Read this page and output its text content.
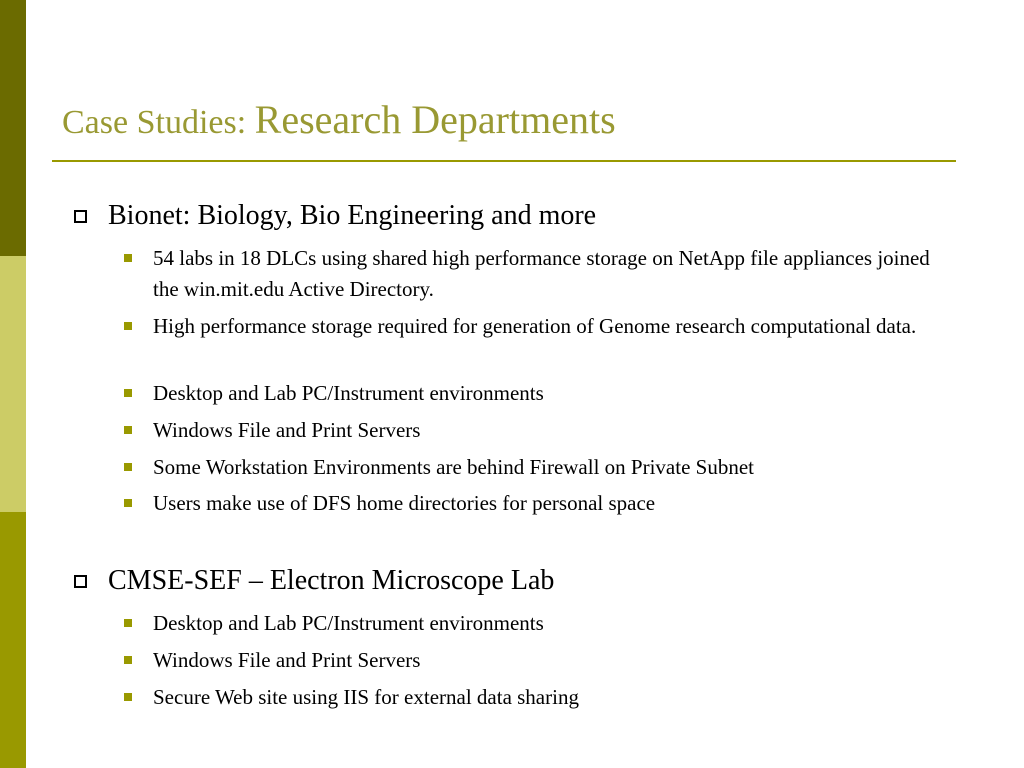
Case Studies: Research Departments
Bionet: Biology, Bio Engineering and more
54 labs in 18 DLCs using shared high performance storage on NetApp file appliances joined the win.mit.edu Active Directory.
High performance storage required for generation of Genome research computational data.
Desktop and Lab PC/Instrument environments
Windows File and Print Servers
Some Workstation Environments are behind Firewall on Private Subnet
Users make use of DFS home directories for personal space
CMSE-SEF – Electron Microscope Lab
Desktop and Lab PC/Instrument environments
Windows File and Print Servers
Secure Web site using IIS for external data sharing
